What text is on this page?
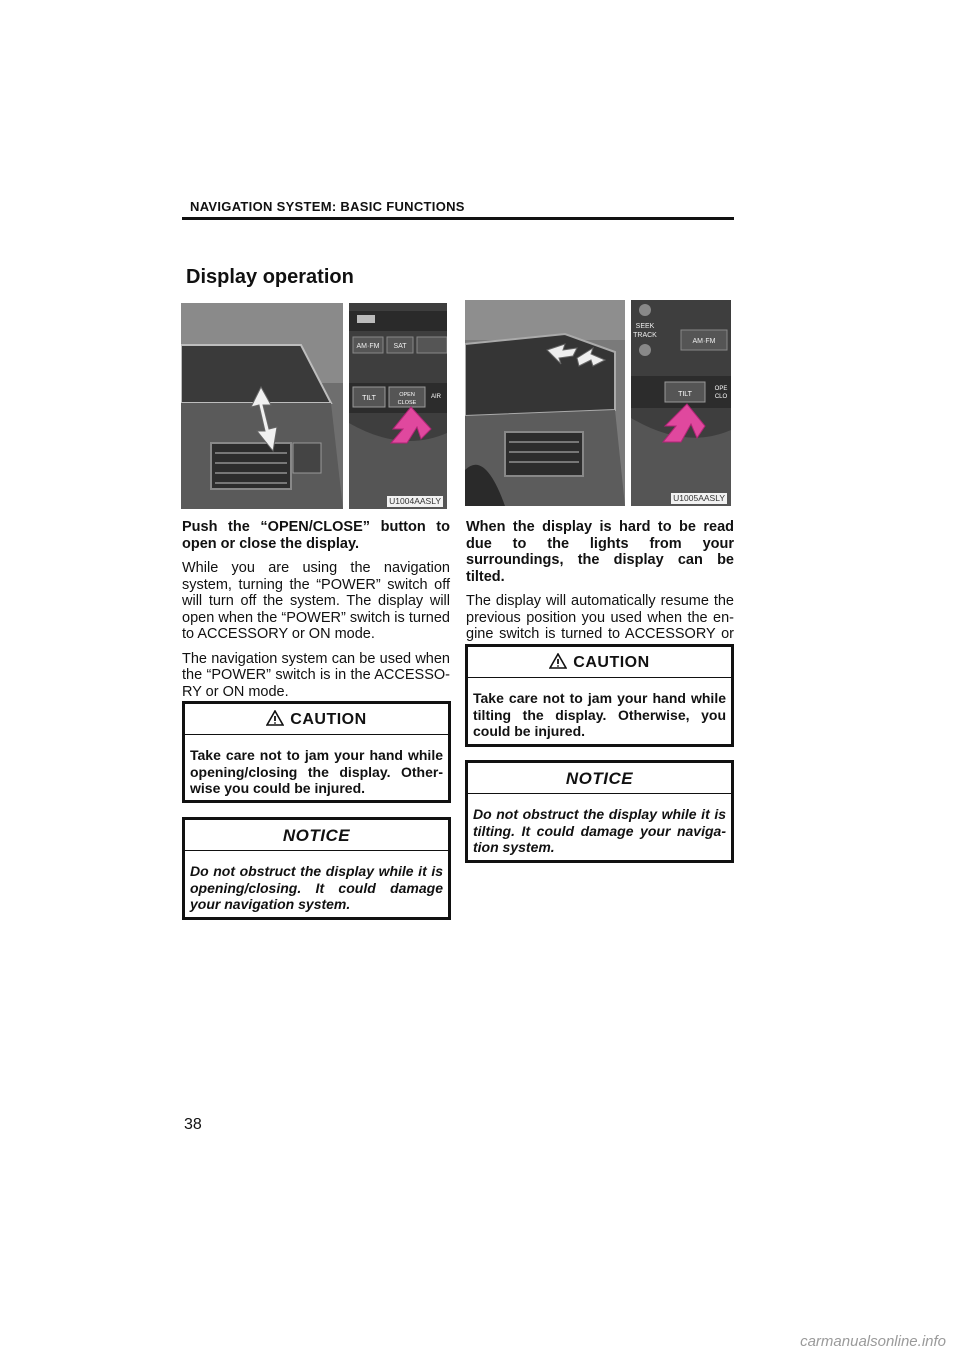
NAVIGATION SYSTEM: BASIC FUNCTIONS
Display operation
AM·FM SAT
TILT	OPEN
CLOSE
AIR
U1004AASLY
SEEK
TRACK
AM·FM
TILT
OPE
CLO
U1005AASLY

Push the “OPEN/CLOSE” button to open or close the display.

While you are using the navigation system, turning the “POWER” switch off will turn off the system. The display will open when the “POWER” switch is turned to ACCESSORY or ON mode.

The navigation system can be used when the “POWER” switch is in the ACCESSO-RY or ON mode.

CAUTION
Take care not to jam your hand while opening/closing the display. Other-wise you could be injured.
NOTICE
Do not obstruct the display while it is opening/closing. It could damage your navigation system.

When the display is hard to be read due to the lights from your surroundings, the display can be tilted.

The display will automatically resume the previous position you used when the en-gine switch is turned to ACCESSORY or

CAUTION
Take care not to jam your hand while tilting the display. Otherwise, you could be injured.
NOTICE
Do not obstruct the display while it is tilting. It could damage your naviga-tion system.
38
carmanualsonline.info
